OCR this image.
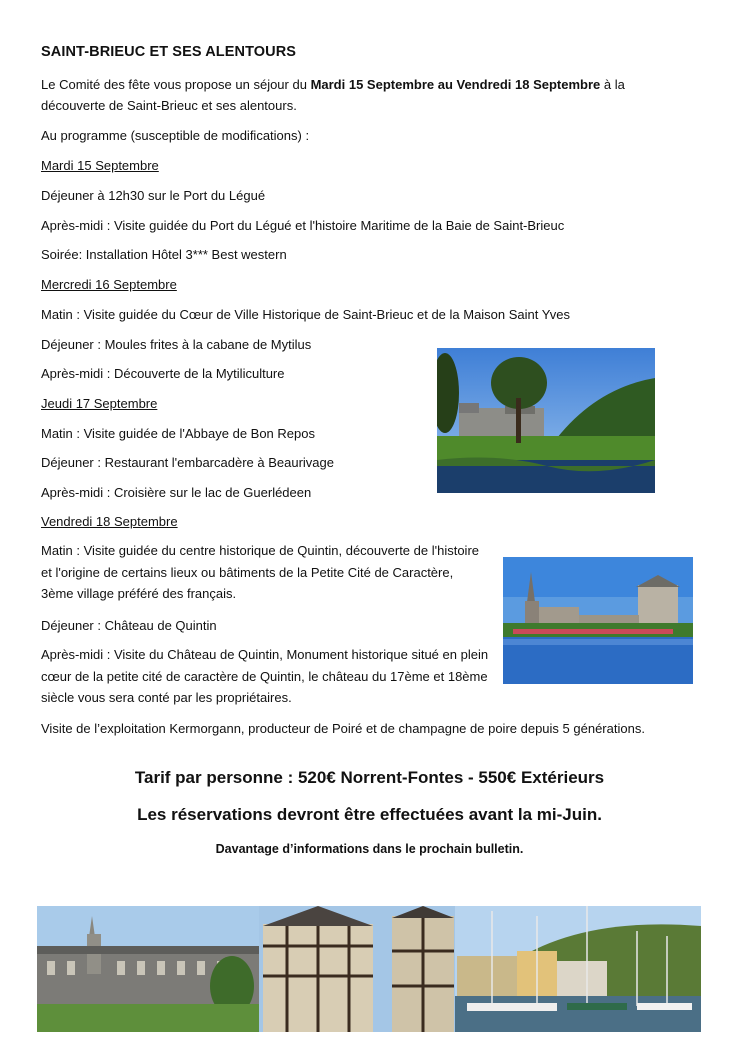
SAINT-BRIEUC ET SES ALENTOURS
Le Comité des fête vous propose un séjour du Mardi 15 Septembre au Vendredi 18 Septembre à la découverte de Saint-Brieuc et ses alentours.
Au programme (susceptible de modifications) :
Mardi 15 Septembre
Déjeuner à 12h30 sur le Port du Légué
Après-midi : Visite guidée du Port du Légué et l'histoire Maritime de la Baie de Saint-Brieuc
Soirée: Installation Hôtel 3*** Best western
Mercredi 16 Septembre
Matin : Visite guidée du Cœur de Ville Historique de Saint-Brieuc et de la Maison Saint Yves
Déjeuner : Moules frites à la cabane de Mytilus
Après-midi : Découverte de la Mytiliculture
Jeudi 17 Septembre
Matin : Visite guidée de l'Abbaye de Bon Repos
Déjeuner : Restaurant l'embarcadère à Beaurivage
Après-midi : Croisière sur le lac de Guerlédeen
Vendredi 18 Septembre
Matin : Visite guidée du centre historique de Quintin, découverte de l'histoire et l'origine de certains lieux ou bâtiments de la Petite Cité de Caractère, 3ème village préféré des français.
Déjeuner : Château de Quintin
Après-midi : Visite du Château de Quintin, Monument historique situé en plein cœur de la petite cité de caractère de Quintin, le château du 17ème et 18ème siècle vous sera conté par les propriétaires.
Visite de l’exploitation Kermorgann, producteur de Poiré et de champagne de poire depuis 5 générations.
Tarif par personne : 520€ Norrent-Fontes - 550€ Extérieurs
Les réservations devront être effectuées avant la mi-Juin.
Davantage d’informations dans le prochain bulletin.
